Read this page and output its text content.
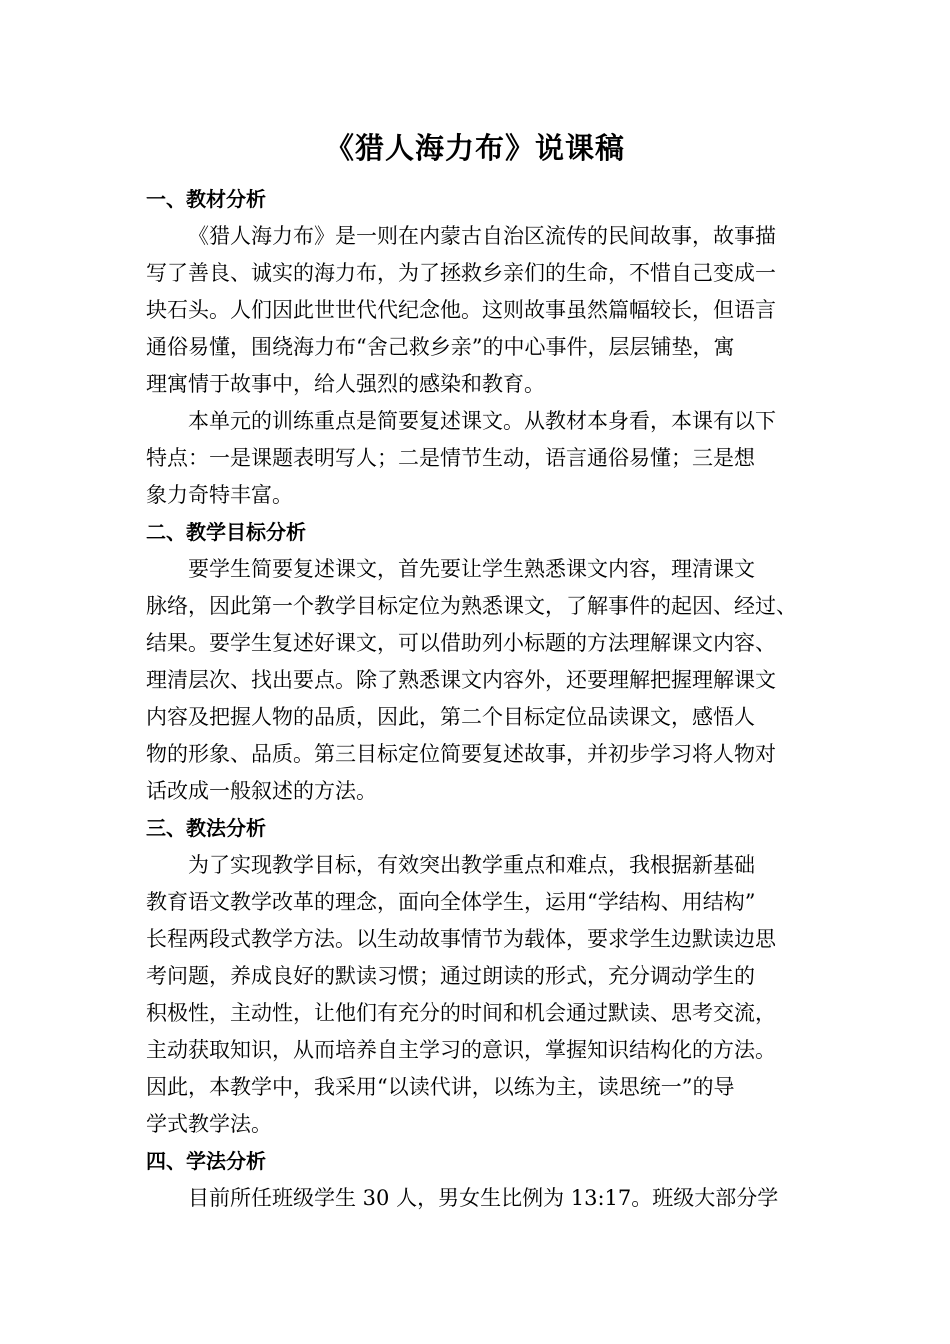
《猎人海力布》说课稿
一、教材分析
《猎人海力布》是一则在内蒙古自治区流传的民间故事，故事描
写了善良、诚实的海力布，为了拯救乡亲们的生命，不惜自己变成一
块石头。人们因此世世代代纪念他。这则故事虽然篇幅较长，但语言
通俗易懂，围绕海力布“舍己救乡亲”的中心事件，层层铺垫，寓
理寓情于故事中，给人强烈的感染和教育。
本单元的训练重点是简要复述课文。从教材本身看，本课有以下
特点：一是课题表明写人；二是情节生动，语言通俗易懂；三是想
象力奇特丰富。
二、教学目标分析
要学生简要复述课文，首先要让学生熟悉课文内容，理清课文
脉络，因此第一个教学目标定位为熟悉课文，了解事件的起因、经过、
结果。要学生复述好课文，可以借助列小标题的方法理解课文内容、
理清层次、找出要点。除了熟悉课文内容外，还要理解把握理解课文
内容及把握人物的品质，因此，第二个目标定位品读课文，感悟人
物的形象、品质。第三目标定位简要复述故事，并初步学习将人物对
话改成一般叙述的方法。
三、教法分析
为了实现教学目标，有效突出教学重点和难点，我根据新基础
教育语文教学改革的理念，面向全体学生，运用“学结构、用结构”
长程两段式教学方法。以生动故事情节为载体，要求学生边默读边思
考问题，养成良好的默读习惯；通过朗读的形式，充分调动学生的
积极性，主动性，让他们有充分的时间和机会通过默读、思考交流，
主动获取知识，从而培养自主学习的意识，掌握知识结构化的方法。
因此，本教学中，我采用“以读代讲，以练为主，读思统一”的导
学式教学法。
四、学法分析
目前所任班级学生 30 人，男女生比例为 13:17。班级大部分学
